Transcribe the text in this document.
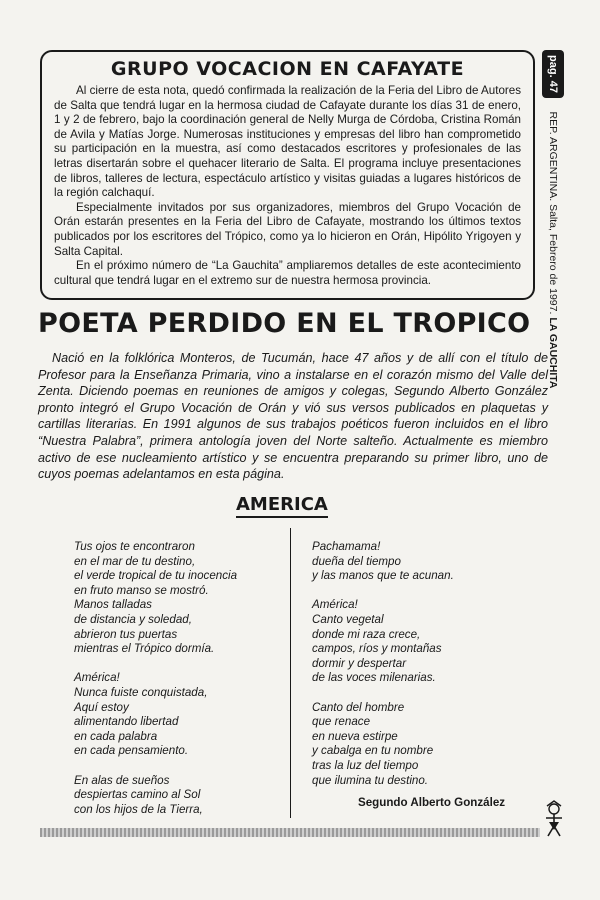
GRUPO VOCACION EN CAFAYATE

Al cierre de esta nota, quedó confirmada la realización de la Feria del Libro de Autores de Salta que tendrá lugar en la hermosa ciudad de Cafayate durante los días 31 de enero, 1 y 2 de febrero, bajo la coordinación general de Nelly Murga de Córdoba, Cristina Román de Avila y Matías Jorge. Numerosas instituciones y empresas del libro han comprometido su participación en la muestra, así como destacados escritores y profesionales de las letras disertarán sobre el quehacer literario de Salta. El programa incluye presentaciones de libros, talleres de lectura, espectáculo artístico y visitas guiadas a lugares históricos de la región calchaquí.

Especialmente invitados por sus organizadores, miembros del Grupo Vocación de Orán estarán presentes en la Feria del Libro de Cafayate, mostrando los últimos textos publicados por los escritores del Trópico, como ya lo hicieron en Orán, Hipólito Yrigoyen y Salta Capital.

En el próximo número de “La Gauchita” ampliaremos detalles de este acontecimiento cultural que tendrá lugar en el extremo sur de nuestra hermosa provincia.

pag. 47
REP. ARGENTINA. Salta, Febrero de 1997. LA GAUCHITA
POETA PERDIDO EN EL TROPICO

Nació en la folklórica Monteros, de Tucumán, hace 47 años y de allí con el título de Profesor para la Enseñanza Primaria, vino a instalarse en el corazón mismo del Valle del Zenta. Diciendo poemas en reuniones de amigos y colegas, Segundo Alberto González pronto integró el Grupo Vocación de Orán y vió sus versos publicados en plaquetas y cartillas literarias. En 1991 algunos de sus trabajos poéticos fueron incluidos en el libro “Nuestra Palabra”, primera antología joven del Norte salteño. Actualmente es miembro activo de ese nucleamiento artístico y se encuentra preparando su primer libro, uno de cuyos poemas adelantamos en esta página.

AMERICA
Tus ojos te encontraron
en el mar de tu destino,
el verde tropical de tu inocencia
en fruto manso se mostró.
Manos talladas
de distancia y soledad,
abrieron tus puertas
mientras el Trópico dormía.
América!
Nunca fuiste conquistada,
Aquí estoy
alimentando libertad
en cada palabra
en cada pensamiento.
En alas de sueños
despiertas camino al Sol
con los hijos de la Tierra,
Pachamama!
dueña del tiempo
y las manos que te acunan.
América!
Canto vegetal
donde mi raza crece,
campos, ríos y montañas
dormir y despertar
de las voces milenarias.
Canto del hombre
que renace
en nueva estirpe
y cabalga en tu nombre
tras la luz del tiempo
que ilumina tu destino.
Segundo Alberto González
